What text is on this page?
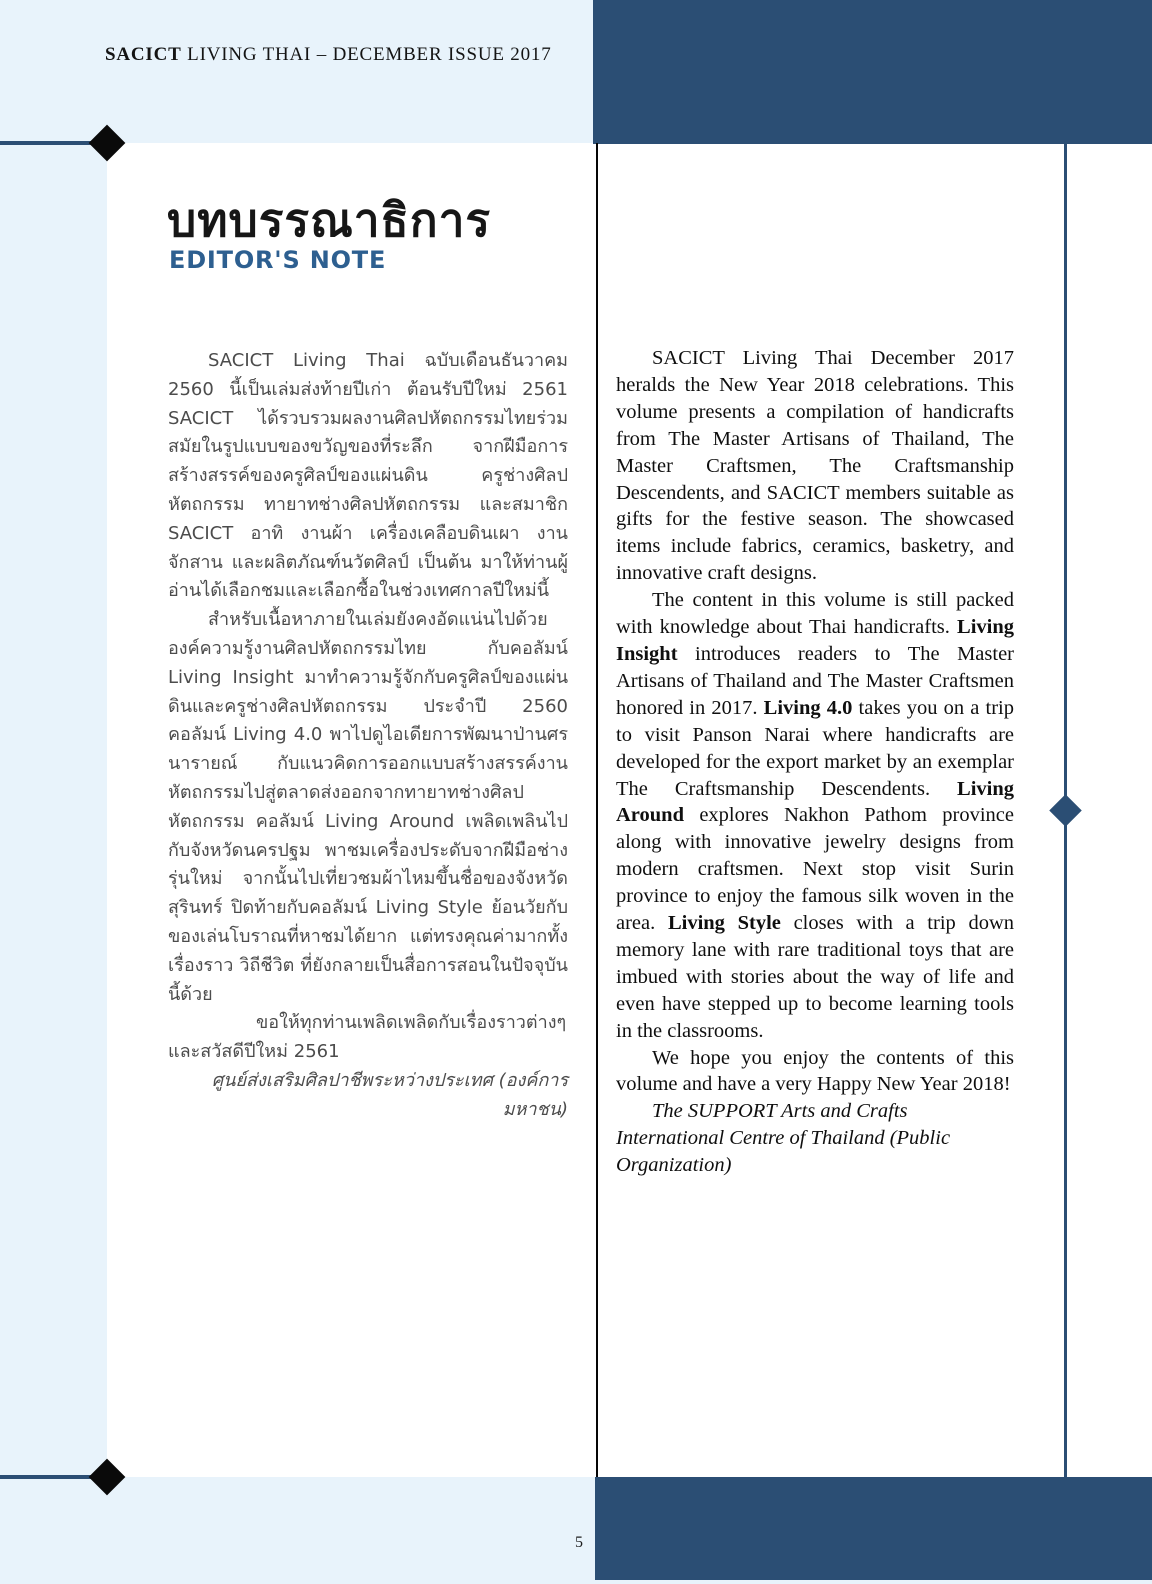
SACICT LIVING THAI – DECEMBER ISSUE 2017
บทบรรณาธิการ
EDITOR'S NOTE

SACICT Living Thai ฉบับเดือนธันวาคม 2560 นี้เป็นเล่มส่งท้ายปีเก่า ต้อนรับปีใหม่ 2561 SACICT ได้รวบรวมผลงานศิลปหัตถกรรมไทยร่วมสมัยในรูปแบบของขวัญของที่ระลึก จากฝีมือการสร้างสรรค์ของครูศิลป์ของแผ่นดิน ครูช่างศิลปหัตถกรรม ทายาทช่างศิลปหัตถกรรม และสมาชิก SACICT อาทิ งานผ้า เครื่องเคลือบดินเผา งานจักสาน และผลิตภัณฑ์นวัตศิลป์ เป็นต้น มาให้ท่านผู้อ่านได้เลือกชมและเลือกซื้อในช่วงเทศกาลปีใหม่นี้

สำหรับเนื้อหาภายในเล่มยังคงอัดแน่นไปด้วยองค์ความรู้งานศิลปหัตถกรรมไทย กับคอลัมน์ Living Insight มาทำความรู้จักกับครูศิลป์ของแผ่นดินและครูช่างศิลปหัตถกรรม ประจำปี 2560 คอลัมน์ Living 4.0 พาไปดูไอเดียการพัฒนาป่านศรนารายณ์ กับแนวคิดการออกแบบสร้างสรรค์งานหัตถกรรมไปสู่ตลาดส่งออกจากทายาทช่างศิลปหัตถกรรม คอลัมน์ Living Around เพลิดเพลินไปกับจังหวัดนครปฐม พาชมเครื่องประดับจากฝีมือช่างรุ่นใหม่ จากนั้นไปเที่ยวชมผ้าไหมขึ้นชื่อของจังหวัดสุรินทร์ ปิดท้ายกับคอลัมน์ Living Style ย้อนวัยกับของเล่นโบราณที่หาชมได้ยาก แต่ทรงคุณค่ามากทั้งเรื่องราว วิถีชีวิต ที่ยังกลายเป็นสื่อการสอนในปัจจุบันนี้ด้วย

ขอให้ทุกท่านเพลิดเพลิดกับเรื่องราวต่างๆ และสวัสดีปีใหม่ 2561

ศูนย์ส่งเสริมศิลปาชีพระหว่างประเทศ (องค์การมหาชน)

SACICT Living Thai December 2017 heralds the New Year 2018 celebrations. This volume presents a compilation of handicrafts from The Master Artisans of Thailand, The Master Craftsmen, The Craftsmanship Descendents, and SACICT members suitable as gifts for the festive season. The showcased items include fabrics, ceramics, basketry, and innovative craft designs.

The content in this volume is still packed with knowledge about Thai handicrafts. Living Insight introduces readers to The Master Artisans of Thailand and The Master Craftsmen honored in 2017. Living 4.0 takes you on a trip to visit Panson Narai where handicrafts are developed for the export market by an exemplar The Craftsmanship Descendents. Living Around explores Nakhon Pathom province along with innovative jewelry designs from modern craftsmen. Next stop visit Surin province to enjoy the famous silk woven in the area. Living Style closes with a trip down memory lane with rare traditional toys that are imbued with stories about the way of life and even have stepped up to become learning tools in the classrooms.

We hope you enjoy the contents of this volume and have a very Happy New Year 2018!

The SUPPORT Arts and Crafts International Centre of Thailand (Public Organization)

5
